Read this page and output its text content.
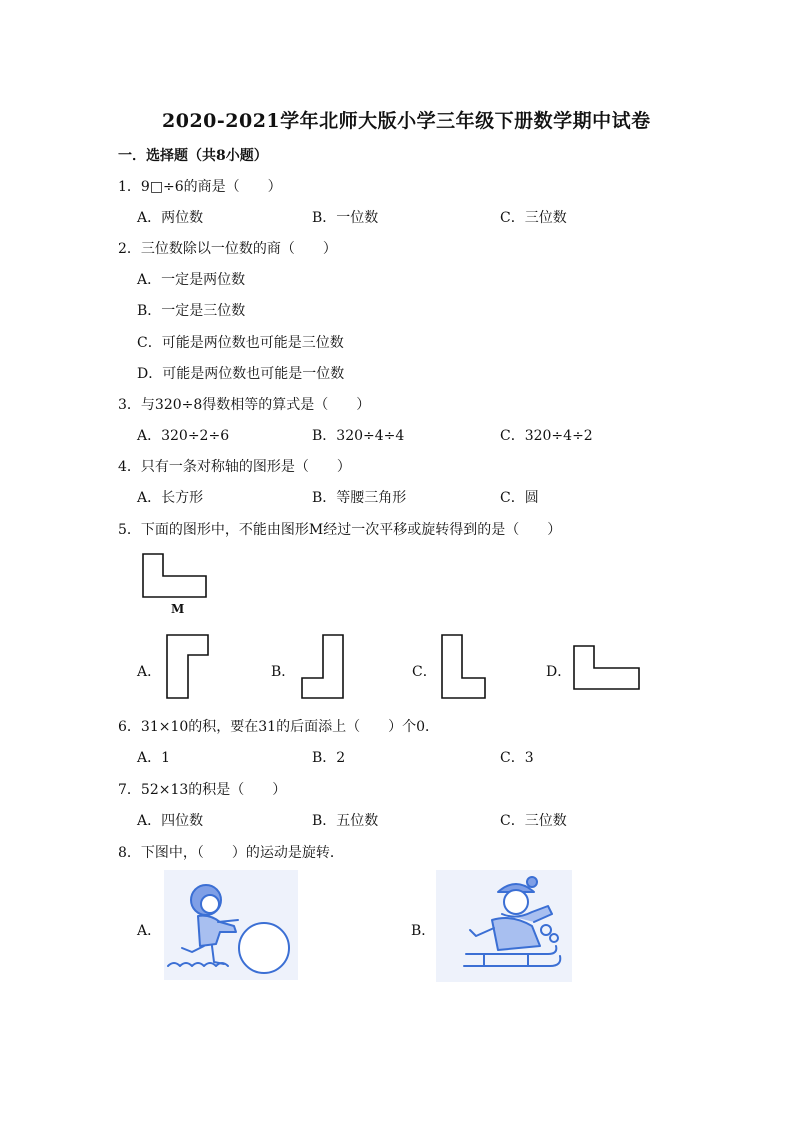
2020-2021学年北师大版小学三年级下册数学期中试卷
一．选择题（共8小题）
1．9□÷6的商是（　　）
A．两位数	B．一位数	C．三位数
2．三位数除以一位数的商（　　）
A．一定是两位数
B．一定是三位数
C．可能是两位数也可能是三位数
D．可能是两位数也可能是一位数
3．与320÷8得数相等的算式是（　　）
A．320÷2÷6	B．320÷4÷4	C．320÷4÷2
4．只有一条对称轴的图形是（　　）
A．长方形	B．等腰三角形	C．圆
5．下面的图形中，不能由图形M经过一次平移或旋转得到的是（　　）
M
A．	B．	C．	D．
6．31×10的积，要在31的后面添上（　　）个0．
A．1	B．2	C．3
7．52×13的积是（　　）
A．四位数	B．五位数	C．三位数
8．下图中，（　　）的运动是旋转．
A．	B．
